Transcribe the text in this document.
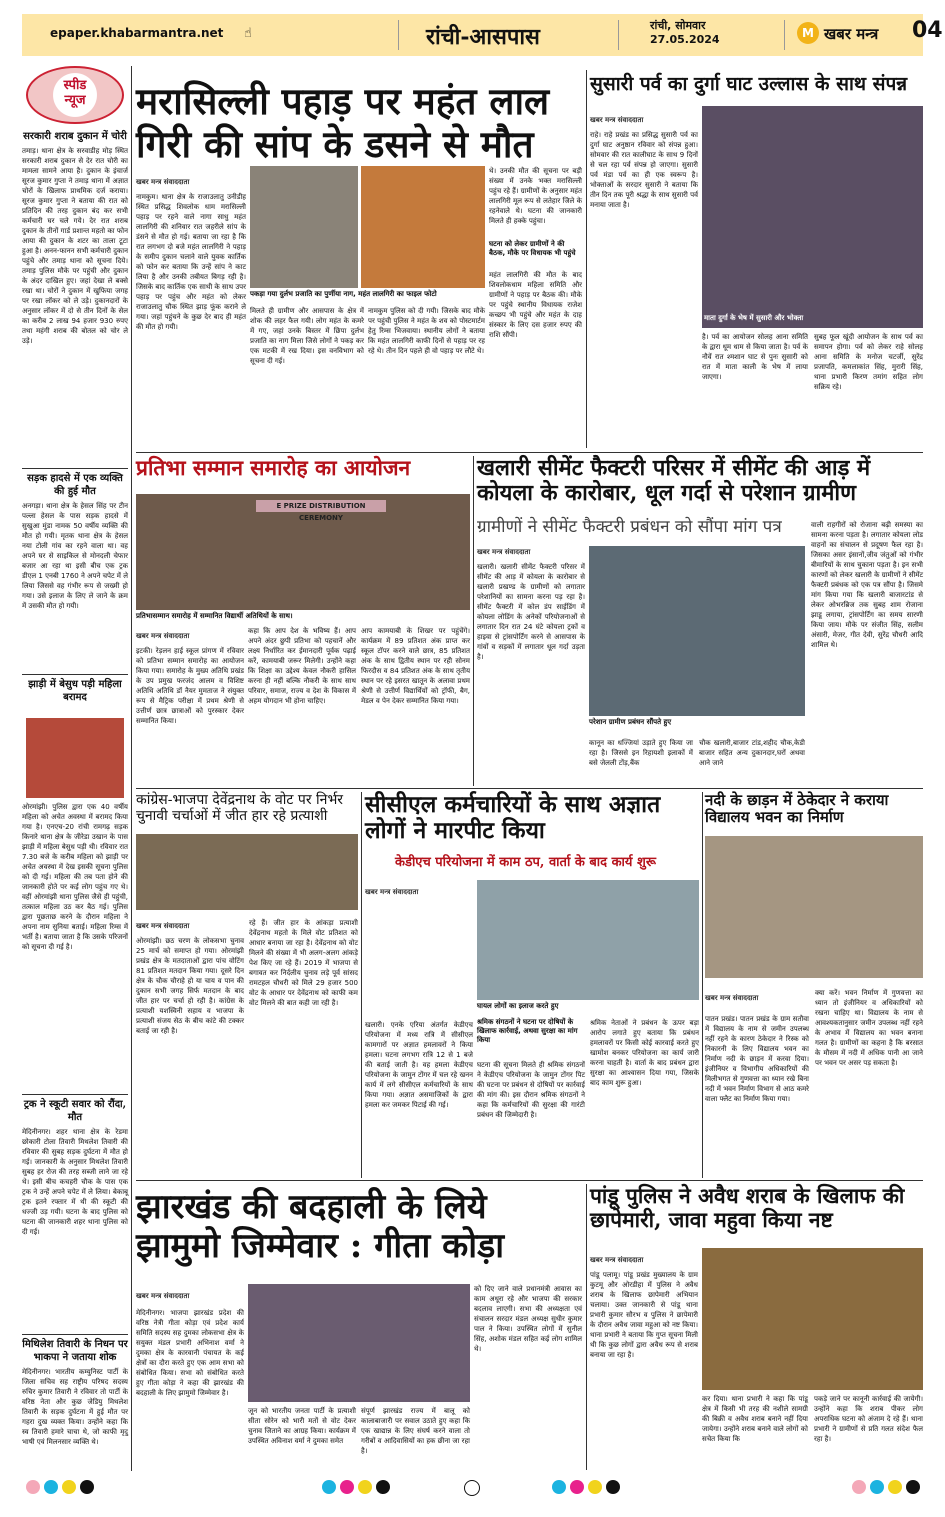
epaper.khabarmantra.net ☝	रांची-आसपास	रांची, सोमवार
27.05.2024	M खबर मन्त्र 04
स्पीड
न्यूज
सरकारी शराब दुकान में चोरी
तमाड़। थाना क्षेत्र के सरवाडीह मोड़ स्थित सरकारी शराब दुकान से देर रात चोरी का मामला सामने आया है। दुकान के इंचार्ज सूरज कुमार गुप्ता ने तमाड़ थाना में अज्ञात चोरों के खिलाफ प्राथमिक दर्ज कराया। सूरज कुमार गुप्ता ने बताया की रात को प्रतिदिन की तरह दुकान बंद कर सभी कर्मचारी घर चले गये। देर रात शराब दुकान के तीनों गार्ड प्रशान्त महतो का फोन आया की दुकान के शटर का ताला टूटा हुआ है। अनन-फानन सभी कर्मचारी दुकान पहुंचे और तमाड़ थाना को सूचना दिये। तमाड़ पुलिस मौके पर पहुंची और दुकान के अंदर दाखिल हुए। जहां देखा ले बक्से रखा था। चोरों ने दुकान में खुफिया जगह पर रखा लॉकर को ले उड़े। दुकानदारों के अनुसार लॉकर में दो से तीन दिनों के सेल का करीब 2 लाख 94 हजार 930 रुपए तथा महंगी शराब की बोतल को चोर ले उड़े।
सड़क हादसे में एक व्यक्ति की हुई मौत
अनगड़ा। थाना क्षेत्र के हेसल सिंह पर टीन पल्ला हेसल के पास सड़क हादसे में सुखुआ मुंडा नामक 50 वर्षीय व्यक्ति की मौत हो गयी। मृतक थाना क्षेत्र के हेसल नया टोली गांव का रहने वाला था। वह अपने घर से साइकिल से मोनदली चेफार बजार आ रहा था इसी बीच एक ट्रक डीएल 1 एनबी 1760 ने अपने चपेट में ले लिया जिससे वह गंभीर रूप से जख्मी हो गया। उसे इलाज के लिए ले जाने के क्रम में उसकी मौत हो गयी।
झाड़ी में बेसुध पड़ी महिला बरामद
ओरमांझी। पुलिस द्वारा एक 40 वर्षीय महिला को अचेत अवस्था में बरामद किया गया है। एनएच-20 रांची रामगढ़ सड़क किनारे थाना क्षेत्र के जीरेडा उखान के पास झाड़ी में महिला बेसुध पड़ी थी। रविवार रात 7.30 बजे के करीब महिला को झाड़ी पर अचेत अवस्था में देख इसकी सूचना पुलिस को दी गई। महिला की तब पता होने की जानकारी होते पर कई लोग पहुंच गए थे। वहीं ओरमांझी थाना पुलिस जैसे ही पहुंची, तत्काल महिला उठ कर बैठ गई। पुलिस द्वारा पूछताछ करने के दौरान महिला ने अपना नाम सुनिया बताई। महिला रिम्स में भर्ती है। बताया जाता है कि उसके परिजनों को सूचना दी गई है।
ट्रक ने स्कूटी सवार को रौंदा, मौत
मेदिनीनगर। शहर थाना क्षेत्र के रेडमा छोकारी टोला तिवारी मिथलेश तिवारी की रविवार की सुबह सड़क दुर्घटना में मौत हो गई। जानकारी के अनुसार मिथलेश तिवारी सुबह हर रोज की तरह सब्जी लाने जा रहे थे। इसी बीच कचहरी चौक के पास एक ट्रक ने उन्हें अपने चपेट में ले लिया। बेकाबू ट्रक इतने रफ्तार में थी की स्कूटी की धज्जी उड़ गयी। घटना के बाद पुलिस को घटना की जानकारी शहर थाना पुलिस को दी गई।
मिथिलेश तिवारी के निधन पर भाकपा ने जताया शोक
मेदिनीनगर। भारतीय कम्युनिस्ट पार्टी के जिला सचिव सह राष्ट्रीय परिषद सदस्य रुचिर कुमार तिवारी ने रविवार तो पार्टी के वरिष्ठ नेता और कुछ जेडियु मिथलेश तिवारी के सड़क दुर्घटना में हुई मौत पर गहरा दुख व्यक्त किया। उन्होंने कहा कि स्व तिवारी हमारे चाचा थे, जो काफी मृदु भाषी एवं मिलनसार व्यक्ति थे।
मरासिल्ली पहाड़ पर महंत लाल गिरी की सांप के डसने से मौत
खबर मन्त्र संवाददाता
नामकुम। थाना क्षेत्र के राजाउलातु उनीडीह स्थित प्रसिद्ध शिवलोक धाम मरासिल्ली पहाड़ पर रहने वाले नागा साधु महंत लालगिरी की शनिवार रात जहरीले सांप के डंसने से मौत हो गई। बताया जा रहा है कि रात लगभग दो बजे महंत लालगिरी ने पहाड़ के समीप दुकान चलाने वाले युवक कार्तिक को फोन कर बताया कि उन्हें सांप ने काट लिया है और उनकी तबीयत बिगड़ रही है। जिसके बाद कार्तिक एक साथी के साथ उपर पहाड़ पर पहुंच और महंत को लेकर राजाउलातु चौक स्थित झाड़ फूंक कराने ले गया। जहां पहुंचने के कुछ देर बाद ही महंत की मौत हो गयी।
पकड़ा गया दुर्लभ प्रजाति का पुर्णीया नाग, महंत लालगिरी का फाइल फोटो
मिलते ही ग्रामीण और आसपास के क्षेत्र में शोक की लहर फैल गयी। लोग महंत के कमरे में गए, जहां उनके बिस्तर में छिपा दुर्लभ प्रजाति का नाग मिला जिसे लोगों ने पकड़ कर एक मटकी में रख दिया। इस वनविभाग को सूचना दी गई।
नामकुम पुलिस को दी गयी। जिसके बाद मौके पर पहुंची पुलिस ने महंत के शव को पोस्टमार्टम हेतु रिम्स भिजवाया। स्थानीय लोगों ने बताया कि महंत लालगिरी काफी दिनों से पहाड़ पर रह रहे थे। तीन दिन पहले ही वो पहाड़ पर लौटे थे।
थे। उनकी मौत की सूचना पर बड़ी संख्या में उनके भक्त मरासिल्ली पहुंच रहे हैं। ग्रामीणों के अनुसार महंत लालगिरी मूल रूप से लतेहार जिले के रहनेवाले थे। घटना की जानकारी मिलते ही हक्के पहुंचा।
घटना को लेकर ग्रामीणों ने की बैठक, मौके पर विधायक भी पहुंचे
महंत लालगिरी की मौत के बाद शिवलोकधाम महिला समिति और ग्रामीणों ने पहाड़ पर बैठक की। मौके पर पहुंचे स्थानीय विधायक राजेश कच्छप भी पहुंचे और महंत के दाह संस्कार के लिए दस हजार रुपए की राशि सौंपी।
सुसारी पर्व का दुर्गा घाट उल्लास के साथ संपन्न
खबर मन्त्र संवाददाता
राहे। राहे प्रखंड का प्रसिद्ध सुसारी पर्व का दुर्गा घाट अनुष्ठान रविवार को संपन्न हुआ। सोमवार की रात कालीघाट के साथ 9 दिनों से चल रहा पर्व संपन्न हो जाएगा। सुसारी पर्व मंडा पर्व का ही एक स्वरूप है। भोक्ताओं के सरदार सुसारी ने बताया कि तीन दिन तक पूरी श्रद्धा के साथ सुसारी पर्व मनाया जाता है।
माता दुर्गा के भेष में सुसारी और भोक्ता
है। पर्व का आयोजन सोलह आना समिति के द्वारा धूम धाम से किया जाता है। पर्व के नौवें रात श्मशान घाट से पुनः सुसारी को रात में माता काली के भेष में लाया जाएगा।
सुबह फूल खूंदी आयोजन के साथ पर्व का समापन होगा। पर्व को लेकर राहे सोलह आना समिति के मनोज चटर्जी, सुरेंद्र प्रजापति, कमलाकांत सिंह, मुरारी सिंह, थाना प्रभारी किरण तमांग सहित लोग सक्रिय रहे।
प्रतिभा सम्मान समारोह का आयोजन
E PRIZE DISTRIBUTION CEREMONY
प्रतिभासम्मान समारोह में सम्मानित विद्यार्थी अतिथियों के साथ।
खबर मन्त्र संवाददाता
इटकी। रेड़लन हाई स्कूल प्रांगण में रविवार को प्रतिभा सम्मान समारोह का आयोजन किया गया। समारोह के मुख्य अतिथि प्रखंड के उप प्रमुख फरजंद आलम व विशिष्ट अतिथि अतिथि डॉ नैयर मुमताज ने संयुक्त रूप से मैट्रिक परीक्षा में प्रथम श्रेणी से उत्तीर्ण छात्र छात्राओं को पुरस्कार देकर सम्मानित किया।
कहा कि आप देश के भविष्य हैं। आप अपने अंदर छुपी प्रतिभा को पहचानें और लक्ष्य निर्धारित कर ईमानदारी पूर्वक पढ़ाई करें, कामयाबी जरूर मिलेगी। उन्होंने कहा कि शिक्षा का उद्देश्य केवल नौकरी हासिल करना ही नहीं बल्कि नौकरी के साथ साथ परिवार, समाज, राज्य व देश के विकास में अहम योगदान भी होना चाहिए।
आप कामयाबी के शिखर पर पहुंचेंगे। कार्यक्रम में 89 प्रतिशत अंक प्राप्त कर स्कूल टॉपर करने वाले छात्र, 85 प्रतिशत अंक के साथ द्वितीय स्थान पर रही सोनम फिरदौस व 84 प्रतिशत अंक के साथ तृतीय स्थान पर रहे इसरत खातून के अलावा प्रथम श्रेणी से उत्तीर्ण विद्यार्थियों को ट्रॉफी, बैग, मेडल व पेन देकर सम्मानित किया गया।
खलारी सीमेंट फैक्टरी परिसर में सीमेंट की आड़ में कोयला के कारोबार, धूल गर्दा से परेशान ग्रामीण
ग्रामीणों ने सीमेंट फैक्टरी प्रबंधन को सौंपा मांग पत्र
खबर मन्त्र संवाददाता
खलारी। खलारी सीमेंट फैक्टरी परिसर में सीमेंट की आड़ में कोयला के कारोबार से खलारी प्रखण्ड के ग्रामीणों को लगातार परेशानियों का सामना करना पड़ रहा है। सीमेंट फैक्टरी में कोल डंप साईडिंग में कोयला लोडिंग के अनेकों परियोजनाओं से लगातार दिन रात 24 घंटे कोयला ट्रकों व हाइवा से ट्रांसपोर्टिंग करने से आसपास के गांवों व सड़कों में लगातार धूल गर्दा उड़ता है।
परेशान ग्रामीण प्रबंधन सौंपते हुए
कानून का धज्जियां उड़ाते हुए किया जा रहा है। जिससे इन रिहायशी इलाकों में बसे जेलली टोंड़,बैंक
चौक खलारी,बाजार टांड,शहीद चौक,केडी बाजार सहित अन्य दुकानदार,घरों अथवा आने जाने
वाली राहगीरों को रोजाना बढ़ी समस्या का सामना करना पड़ता है। लगातार कोयला लोड वाहनों का संचालन से प्रदूषण फैल रहा है। जिसका असर इंसानों,जीव जंतुओं को गंभीर बीमारियों के साथ चुकाना पड़ता है। इन सभी कारणों को लेकर खलारी के ग्रामीणों ने सीमेंट फैक्टरी प्रबंधक को एक पत्र सौंपा है। जिसमे मांग किया गया कि खलारी बाजारटांड से लेकर ओभरब्रिज तक सुबह शाम रोजाना झाडू लगाया, ट्रांसपोर्टिंग का समय सारणी किया जाय। मौके पर संजीत सिंह, सलीम अंसारी, मेजर, गीत देवी, सुरेंद्र चौधरी आदि शामिल थे।
कांग्रेस-भाजपा देवेंद्रनाथ के वोट पर निर्भर चुनावी चर्चाओं में जीत हार रहे प्रत्याशी
खबर मन्त्र संवाददाता
ओरमांझी। छठ चरण के लोकसभा चुनाव 25 मार्च को समाप्त हो गया। ओरमांझी प्रखंड क्षेत्र के मतदाताओं द्वारा पांच वोटिंग 81 प्रतिशत मतदान किया गया। दूसरे दिन क्षेत्र के चौक चौराहे हो या चाय व पान की दुकान सभी जगह सिर्फ मतदान के बाद जीत हार पर चर्चा हो रही है। कांग्रेस के प्रत्याशी यशस्विनी सहाय व भाजपा के प्रत्याशी संजय सेठ के बीच कांटे की टक्कर बताई जा रही है।
रहे हैं। जीत हार के आंकड़ा प्रत्याशी देवेंद्रनाथ महतो के मिले वोट प्रतिशत को आधार बनाया जा रहा है। देवेंद्रनाथ को वोट मिलने की संख्या में भी अलग-अलग आंकड़े पेश किए जा रहे हैं। 2019 में भाजपा से बगावत कर निर्दलीय चुनाव लड़े पूर्व सांसद रामटहल चौधरी को मिले 29 हजार 500 वोट के आधार पर देवेंद्रनाथ को काफी कम वोट मिलने की बात कही जा रही है।
सीसीएल कर्मचारियों के साथ अज्ञात लोगों ने मारपीट किया
केडीएच परियोजना में काम ठप, वार्ता के बाद कार्य शुरू
खबर मन्त्र संवाददाता
घायल लोगों का इलाज करते हुए
खलारी। एनके एरिया अंतर्गत केडीएच परियोजना में मध्य रात्रि में सीसीएल कामगारों पर अज्ञात हमलावरों ने किया हमला। घटना लगभग रात्रि 12 से 1 बजे की बताई जाती है। वह हमला केडीएच परियोजना के जामुन टोंगर में चल रहे खनन कार्य में लगे सीसीएल कर्मचारियों के साथ किया गया। अज्ञात असमाजिकों के द्वारा हमला कर जमकर पिटाई की गई।
श्रमिक संगठनों ने घटना पर दोषियों के खिलाफ कार्रवाई, अथवा सुरक्षा का मांग किया
घटना की सूचना मिलते ही श्रमिक संगठनों ने केडीएच परियोजना के जामुन टोंगर पिट की घटना पर प्रबंधन से दोषियों पर कार्रवाई की मांग की। इस दौरान श्रमिक संगठनों ने कहा कि कर्मचारियों की सुरक्षा की गारंटी प्रबंधन की जिम्मेदारी है।
श्रमिक नेताओं ने प्रबंधन के ऊपर बड़ा आरोप लगाते हुए बताया कि प्रबंधन हमलावरों पर किसी कोई कारवाई करते हुए खामोश बनकर परियोजना का कार्य जारी करना चाहती है। वार्ता के बाद प्रबंधन द्वारा सुरक्षा का आश्वासन दिया गया, जिसके बाद काम शुरू हुआ।
नदी के छाड़न में ठेकेदार ने कराया विद्यालय भवन का निर्माण
खबर मन्त्र संवाददाता
पातन प्रखंड। पातन प्रखंड के ग्राम सतौवा में विद्यालय के नाम से जमीन उपलब्ध नहीं रहने के कारण ठेकेदार ने रिस्क को निकारनी के लिए विद्यालय भवन का निर्माण नदी के छाड़न में करवा दिया। इंजीनियर व विभागीय अधिकारियों की मिलीभगत से गुणवत्ता का ध्यान रखे बिना नदी में भवन निर्माण विभाग से आठ कमरे वाला फ्लैट का निर्माण किया गया।
क्या करें। भवन निर्माण में गुणवत्ता का ध्यान तो इंजीनियर व अधिकारियों को रखना चाहिए था। विद्यालय के नाम से आवश्यकतानुसार जमीन उपलब्ध नहीं रहने के अभाव में विद्यालय का भवन बनाना गलत है। ग्रामीणों का कहना है कि बरसात के मौसम में नदी में अधिक पानी आ जाने पर भवन पर असर पड़ सकता है।
झारखंड की बदहाली के लिये झामुमो जिम्मेवार : गीता कोड़ा
खबर मन्त्र संवाददाता
मेदिनीनगर। भाजपा झारखंड प्रदेश की वरिष्ठ नेत्री गीता कोड़ा एवं प्रदेश कार्य समिति सदस्य सह दुमका लोकसभा क्षेत्र के सयुक्त मंडल प्रभारी अभिनाश वर्मा ने दुमका क्षेत्र के कारवानी पंचायत के कई क्षेत्रों का दौरा करते हुए एक आम सभा को संबोधित किया। सभा को संबोधित करते हुए गीता कोड़ा ने कहा की झारखंड की बदहाली के लिए झामुमो जिम्मेवार है।
जून को भारतीय जनता पार्टी के प्रत्याशी सीता सोरेन को भारी मतों से वोट देकर चुनाव जिताने का आग्रह किया। कार्यक्रम में उपस्थित अविनाश वर्मा ने दुमका समेत
संपूर्ण झारखंड राज्य में बालू को कालाबाजारी पर सवाल उठाते हुए कहा कि एक खाद्यान्न के लिए संघर्ष करने वाला तो गरीबों व आदिवासियों का हक छीना जा रहा है।
को दिए जाने वाले प्रधानमंत्री आवास का काम अधूरा रहे और भाजपा की सरकार बदलाव लाएगी। सभा की अध्यक्षता एवं संचालन सरदार मंडल अध्यक्ष सुधीर कुमार पाल ने किया। उपस्थित लोगों में सुनील सिंह, अशोक मंडल सहित कई लोग शामिल थे।
पांडू पुलिस ने अवैध शराब के खिलाफ की छापेमारी, जावा महुवा किया नष्ट
खबर मन्त्र संवाददाता
पांडू पलामू। पांडू प्रखंड मुख्यालय के ग्राम कुटमू और ओरडीहा में पुलिस ने अवैध शराब के खिलाफ छापेमारी अभियान चलाया। उक्त जानकारी से पांडू थाना प्रभारी कुमार सौरभ व पुलिस ने छापेमारी के दौरान अवैध जावा महुआ को नष्ट किया। थाना प्रभारी ने बताया कि गुप्त सूचना मिली थी कि कुछ लोगों द्वारा अवैध रूप से शराब बनाया जा रहा है।
कर दिया। थाना प्रभारी ने कहा कि पांडू क्षेत्र में किसी भी तरह की नशीले सामग्री की बिक्री व अवैध शराब बनाने नहीं दिया जायेगा। उन्होंने शराब बनाने वाले लोगों को सचेत किया कि
पकड़े जाने पर कानूनी कार्रवाई की जायेगी। उन्होंने कहा कि शराब पीकर लोग अपराधिक घटना को अंजाम दे रहे हैं। थाना प्रभारी ने ग्रामीणों से प्रति गलत संदेश फैल रहा है।
